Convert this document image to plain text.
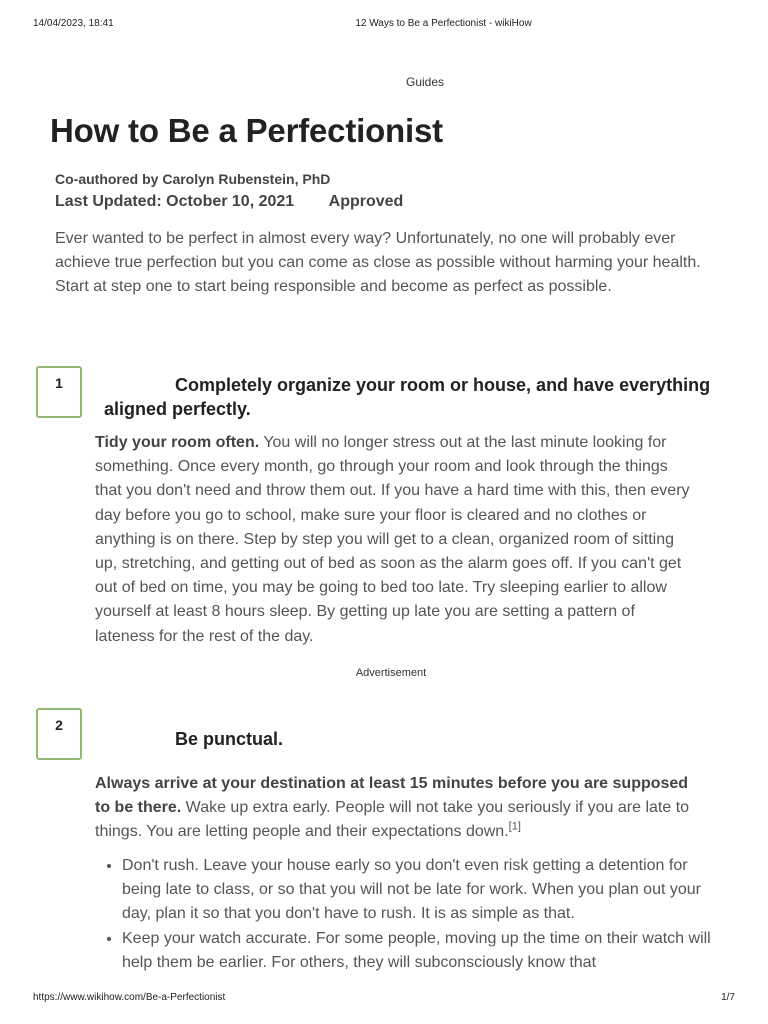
14/04/2023, 18:41	12 Ways to Be a Perfectionist - wikiHow
Guides
How to Be a Perfectionist
Co-authored by Carolyn Rubenstein, PhD
Last Updated: October 10, 2021 Approved

Ever wanted to be perfect in almost every way? Unfortunately, no one will probably ever achieve true perfection but you can come as close as possible without harming your health. Start at step one to start being responsible and become as perfect as possible.

1	Completely organize your room or house, and have everything aligned perfectly.

Tidy your room often. You will no longer stress out at the last minute looking for something. Once every month, go through your room and look through the things that you don't need and throw them out. If you have a hard time with this, then every day before you go to school, make sure your floor is cleared and no clothes or anything is on there. Step by step you will get to a clean, organized room of sitting up, stretching, and getting out of bed as soon as the alarm goes off. If you can't get out of bed on time, you may be going to bed too late. Try sleeping earlier to allow yourself at least 8 hours sleep. By getting up late you are setting a pattern of lateness for the rest of the day.

Advertisement
2
Be punctual.

Always arrive at your destination at least 15 minutes before you are supposed to be there. Wake up extra early. People will not take you seriously if you are late to things. You are letting people and their expectations down.[1]

• Don't rush. Leave your house early so you don't even risk getting a detention for being late to class, or so that you will not be late for work. When you plan out your day, plan it so that you don't have to rush. It is as simple as that.
• Keep your watch accurate. For some people, moving up the time on their watch will help them be earlier. For others, they will subconsciously know that
https://www.wikihow.com/Be-a-Perfectionist	1/7
